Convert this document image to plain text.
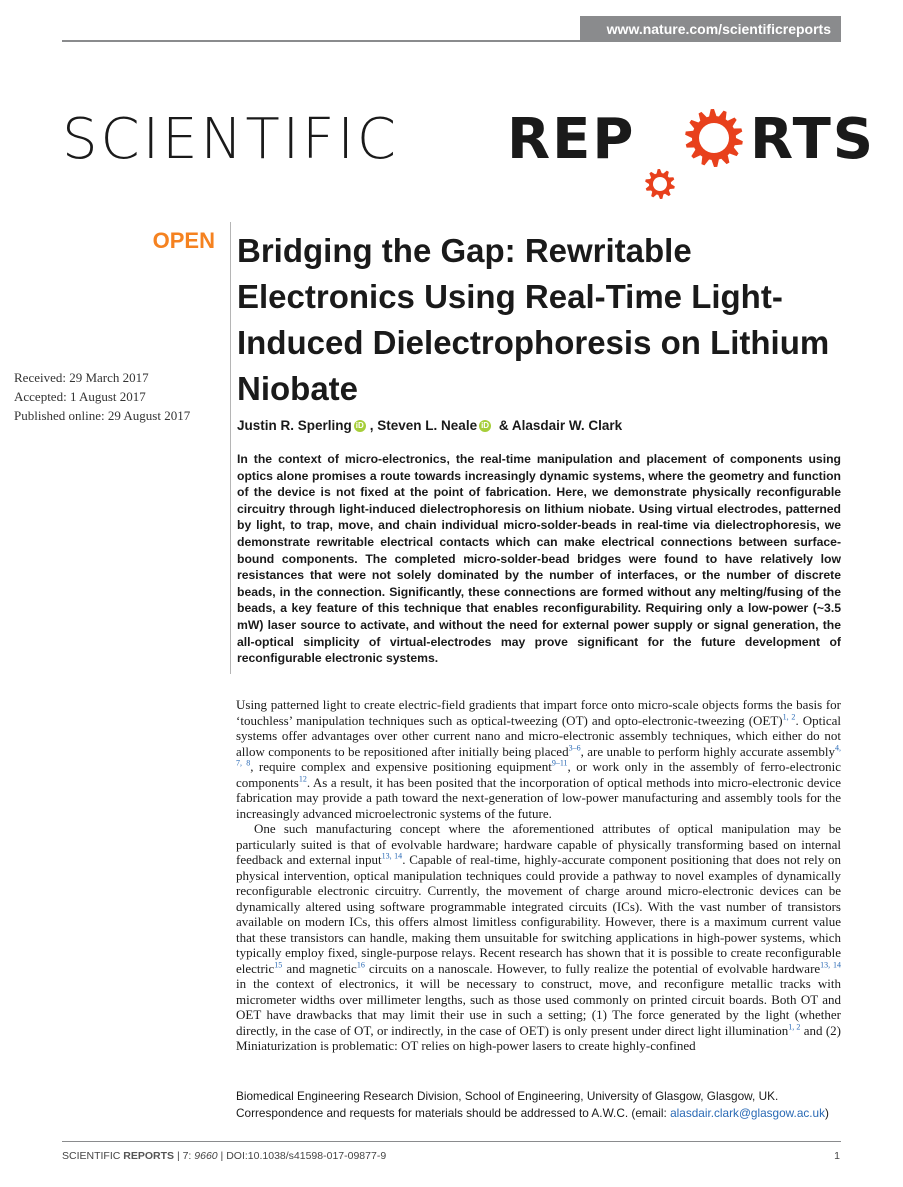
www.nature.com/scientificreports
SCIENTIFIC REP RTS
OPEN
Received: 29 March 2017
Accepted: 1 August 2017
Published online: 29 August 2017
Bridging the Gap: Rewritable Electronics Using Real-Time Light-Induced Dielectrophoresis on Lithium Niobate
Justin R. Sperling iD , Steven L. Neale iD & Alasdair W. Clark
In the context of micro-electronics, the real-time manipulation and placement of components using optics alone promises a route towards increasingly dynamic systems, where the geometry and function of the device is not fixed at the point of fabrication. Here, we demonstrate physically reconfigurable circuitry through light-induced dielectrophoresis on lithium niobate. Using virtual electrodes, patterned by light, to trap, move, and chain individual micro-solder-beads in real-time via dielectrophoresis, we demonstrate rewritable electrical contacts which can make electrical connections between surface-bound components. The completed micro-solder-bead bridges were found to have relatively low resistances that were not solely dominated by the number of interfaces, or the number of discrete beads, in the connection. Significantly, these connections are formed without any melting/fusing of the beads, a key feature of this technique that enables reconfigurability. Requiring only a low-power (~3.5 mW) laser source to activate, and without the need for external power supply or signal generation, the all-optical simplicity of virtual-electrodes may prove significant for the future development of reconfigurable electronic systems.

Using patterned light to create electric-field gradients that impart force onto micro-scale objects forms the basis for ‘touchless’ manipulation techniques such as optical-tweezing (OT) and opto-electronic-tweezing (OET)$^{1, 2}$. Optical systems offer advantages over other current nano and micro-electronic assembly techniques, which either do not allow components to be repositioned after initially being placed$^{3-6}$, are unable to perform highly accurate assembly$^{4, 7, 8}$, require complex and expensive positioning equipment$^{9-11}$, or work only in the assembly of ferro-electronic components$^{12}$. As a result, it has been posited that the incorporation of optical methods into micro-electronic device fabrication may provide a path toward the next-generation of low-power manufacturing and assembly tools for the increasingly advanced microelectronic systems of the future.

One such manufacturing concept where the aforementioned attributes of optical manipulation may be particularly suited is that of evolvable hardware; hardware capable of physically transforming based on internal feedback and external input$^{13, 14}$. Capable of real-time, highly-accurate component positioning that does not rely on physical intervention, optical manipulation techniques could provide a pathway to novel examples of dynamically reconfigurable electronic circuitry. Currently, the movement of charge around micro-electronic devices can be dynamically altered using software programmable integrated circuits (ICs). With the vast number of transistors available on modern ICs, this offers almost limitless configurability. However, there is a maximum current value that these transistors can handle, making them unsuitable for switching applications in high-power systems, which typically employ fixed, single-purpose relays. Recent research has shown that it is possible to create reconfigurable electric$^{15}$ and magnetic$^{16}$ circuits on a nanoscale. However, to fully realize the potential of evolvable hardware$^{13, 14}$ in the context of electronics, it will be necessary to construct, move, and reconfigure metallic tracks with micrometer widths over millimeter lengths, such as those used commonly on printed circuit boards. Both OT and OET have drawbacks that may limit their use in such a setting; (1) The force generated by the light (whether directly, in the case of OT, or indirectly, in the case of OET) is only present under direct light illumination$^{1, 2}$ and (2) Miniaturization is problematic: OT relies on high-power lasers to create highly-confined

Biomedical Engineering Research Division, School of Engineering, University of Glasgow, Glasgow, UK.
Correspondence and requests for materials should be addressed to A.W.C. (email: alasdair.clark@glasgow.ac.uk)
SCIENTIFIC REPORTS | 7: 9660 | DOI:10.1038/s41598-017-09877-9	1
